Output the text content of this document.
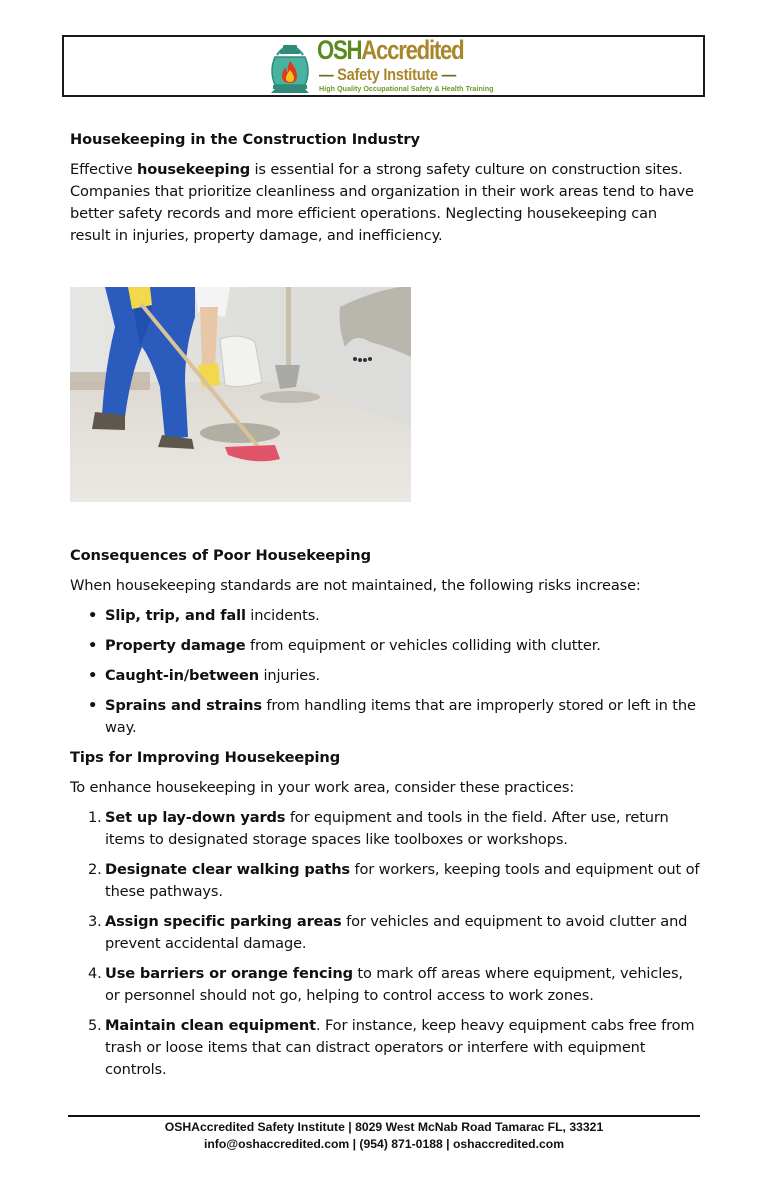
OSHAccredited
— Safety Institute —
High Quality Occupational Safety & Health Training
Housekeeping in the Construction Industry

Effective housekeeping is essential for a strong safety culture on construction sites. Companies that prioritize cleanliness and organization in their work areas tend to have better safety records and more efficient operations. Neglecting housekeeping can result in injuries, property damage, and inefficiency.

Consequences of Poor Housekeeping

When housekeeping standards are not maintained, the following risks increase:

• Slip, trip, and fall incidents.
• Property damage from equipment or vehicles colliding with clutter.
• Caught-in/between injuries.
• Sprains and strains from handling items that are improperly stored or left in the way.
Tips for Improving Housekeeping

To enhance housekeeping in your work area, consider these practices:

1. Set up lay-down yards for equipment and tools in the field. After use, return items to designated storage spaces like toolboxes or workshops.
2. Designate clear walking paths for workers, keeping tools and equipment out of these pathways.
3. Assign specific parking areas for vehicles and equipment to avoid clutter and prevent accidental damage.
4. Use barriers or orange fencing to mark off areas where equipment, vehicles, or personnel should not go, helping to control access to work zones.
5. Maintain clean equipment. For instance, keep heavy equipment cabs free from trash or loose items that can distract operators or interfere with equipment controls.
OSHAccredited Safety Institute | 8029 West McNab Road Tamarac FL, 33321
info@oshaccredited.com | (954) 871-0188 | oshaccredited.com
